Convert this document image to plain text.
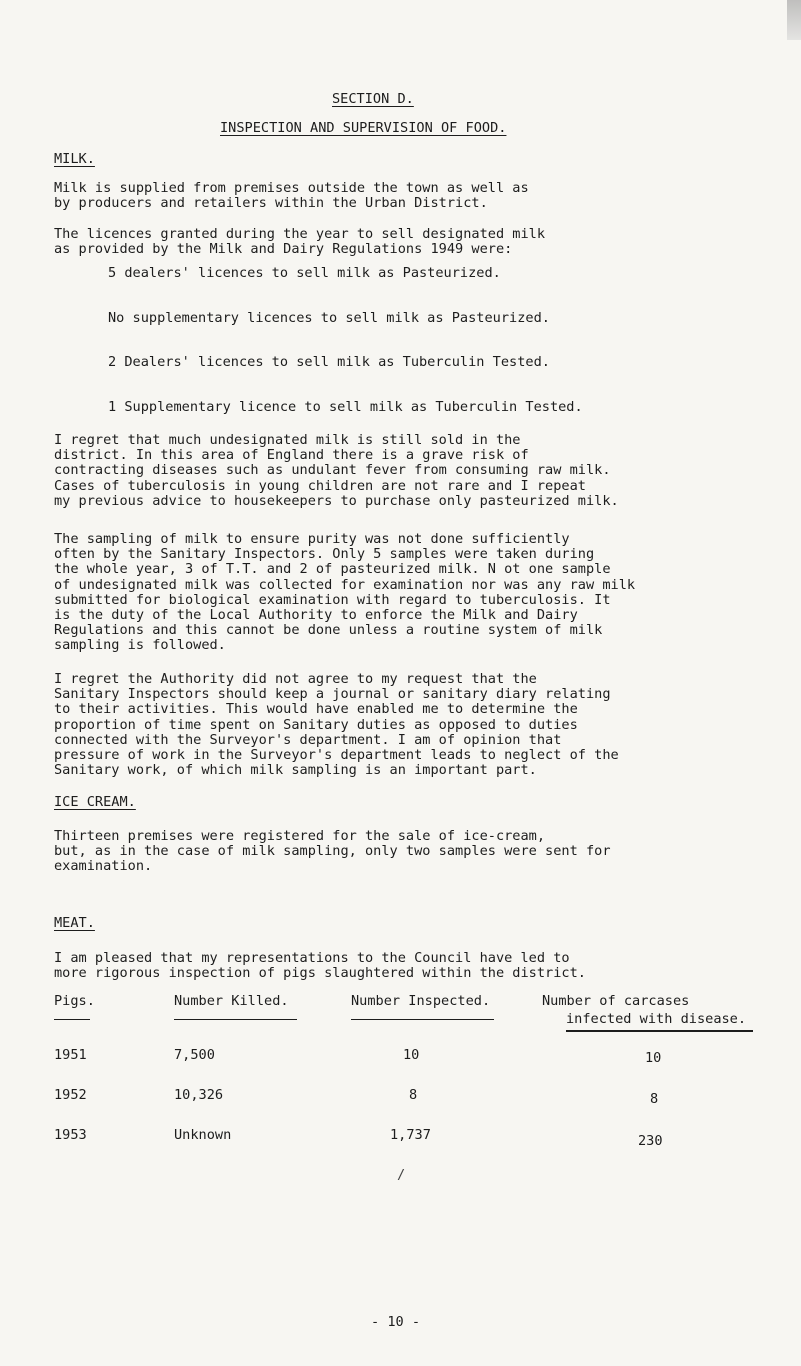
SECTION D.
INSPECTION AND SUPERVISION OF FOOD.
MILK.
Milk is supplied from premises outside the town as well as
by producers and retailers within the Urban District.
The licences granted during the year to sell designated milk
as provided by the Milk and Dairy Regulations 1949 were:
5 dealers' licences to sell milk as Pasteurized.
No supplementary licences to sell milk as Pasteurized.
2 Dealers' licences to sell milk as Tuberculin Tested.
1 Supplementary licence to sell milk as Tuberculin Tested.
I regret that much undesignated milk is still sold in the
district. In this area of England there is a grave risk of
contracting diseases such as undulant fever from consuming raw milk.
Cases of tuberculosis in young children are not rare and I repeat
my previous advice to housekeepers to purchase only pasteurized milk.
The sampling of milk to ensure purity was not done sufficiently
often by the Sanitary Inspectors. Only 5 samples were taken during
the whole year, 3 of T.T. and 2 of pasteurized milk. N ot one sample
of undesignated milk was collected for examination nor was any raw milk
submitted for biological examination with regard to tuberculosis. It
is the duty of the Local Authority to enforce the Milk and Dairy
Regulations and this cannot be done unless a routine system of milk
sampling is followed.
I regret the Authority did not agree to my request that the
Sanitary Inspectors should keep a journal or sanitary diary relating
to their activities. This would have enabled me to determine the
proportion of time spent on Sanitary duties as opposed to duties
connected with the Surveyor's department. I am of opinion that
pressure of work in the Surveyor's department leads to neglect of the
Sanitary work, of which milk sampling is an important part.
ICE CREAM.
Thirteen premises were registered for the sale of ice-cream,
but, as in the case of milk sampling, only two samples were sent for
examination.
MEAT.
I am pleased that my representations to the Council have led to
more rigorous inspection of pigs slaughtered within the district.
Pigs.	Number Killed.	Number Inspected.	Number of carcases
infected with disease.
1951	7,500	10	10
1952	10,326	8	8
1953	Unknown	1,737	230
/
- 10 -
